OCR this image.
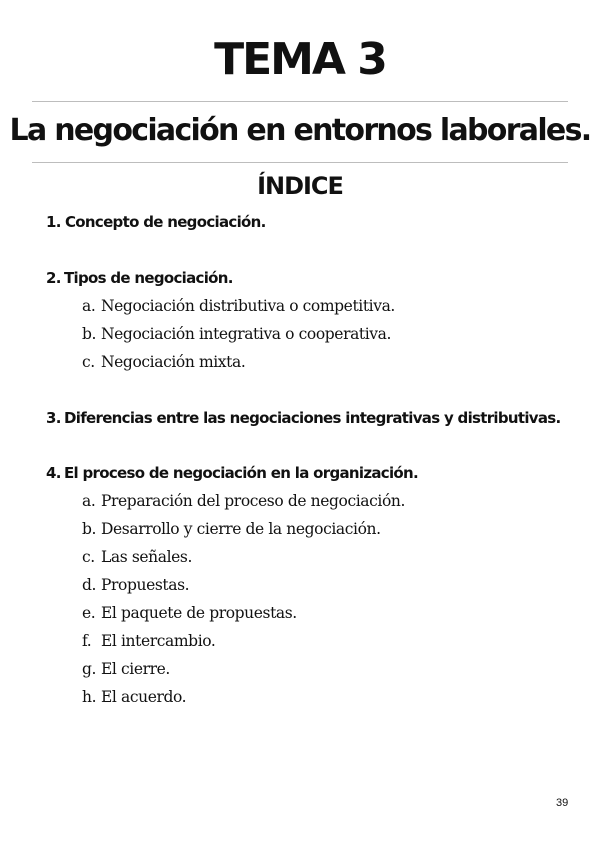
TEMA 3
La negociación en entornos laborales.
ÍNDICE
1. Concepto de negociación.
2. Tipos de negociación.
a. Negociación distributiva o competitiva.
b. Negociación integrativa o cooperativa.
c. Negociación mixta.
3. Diferencias entre las negociaciones integrativas y distributivas.
4. El proceso de negociación en la organización.
a. Preparación del proceso de negociación.
b. Desarrollo y cierre de la negociación.
c. Las señales.
d. Propuestas.
e. El paquete de propuestas.
f. El intercambio.
g. El cierre.
h. El acuerdo.
39
